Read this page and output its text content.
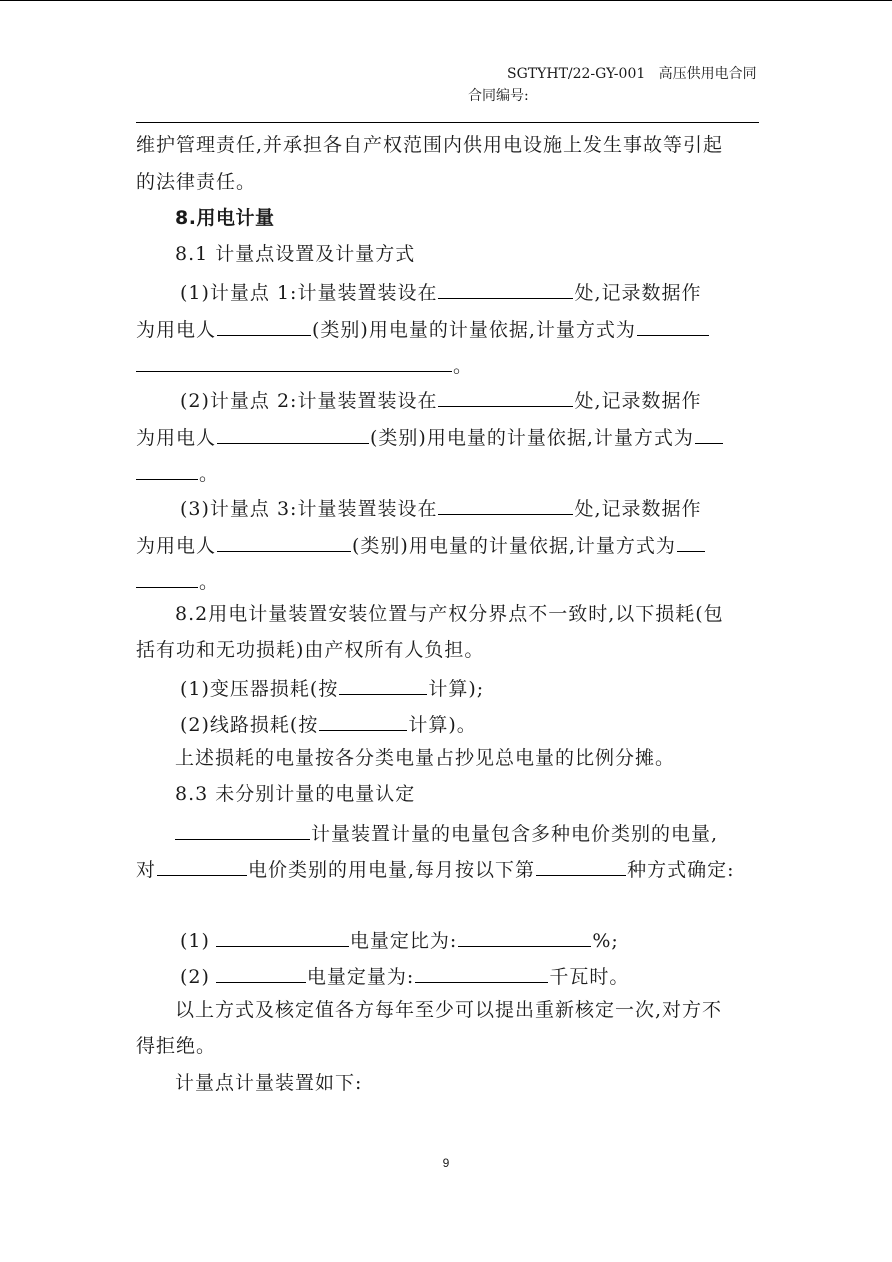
SGTYHT/22-GY-001 高压供用电合同
合同编号:
维护管理责任,并承担各自产权范围内供用电设施上发生事故等引起
的法律责任。
8.用电计量
8.1 计量点设置及计量方式
(1)计量点 1:计量装置装设在	处,记录数据作
为用电人	(类别)用电量的计量依据,计量方式为
。
(2)计量点 2:计量装置装设在	处,记录数据作
为用电人	(类别)用电量的计量依据,计量方式为
。
(3)计量点 3:计量装置装设在	处,记录数据作
为用电人	(类别)用电量的计量依据,计量方式为
。
8.2用电计量装置安装位置与产权分界点不一致时,以下损耗(包
括有功和无功损耗)由产权所有人负担。
(1)变压器损耗(按	计算);
(2)线路损耗(按	计算)。
上述损耗的电量按各分类电量占抄见总电量的比例分摊。
8.3 未分别计量的电量认定
计量装置计量的电量包含多种电价类别的电量,
对	电价类别的用电量,每月按以下第	种方式确定:
(1)	电量定比为:	%;
(2)	电量定量为:	千瓦时。
以上方式及核定值各方每年至少可以提出重新核定一次,对方不
得拒绝。
计量点计量装置如下:
9
